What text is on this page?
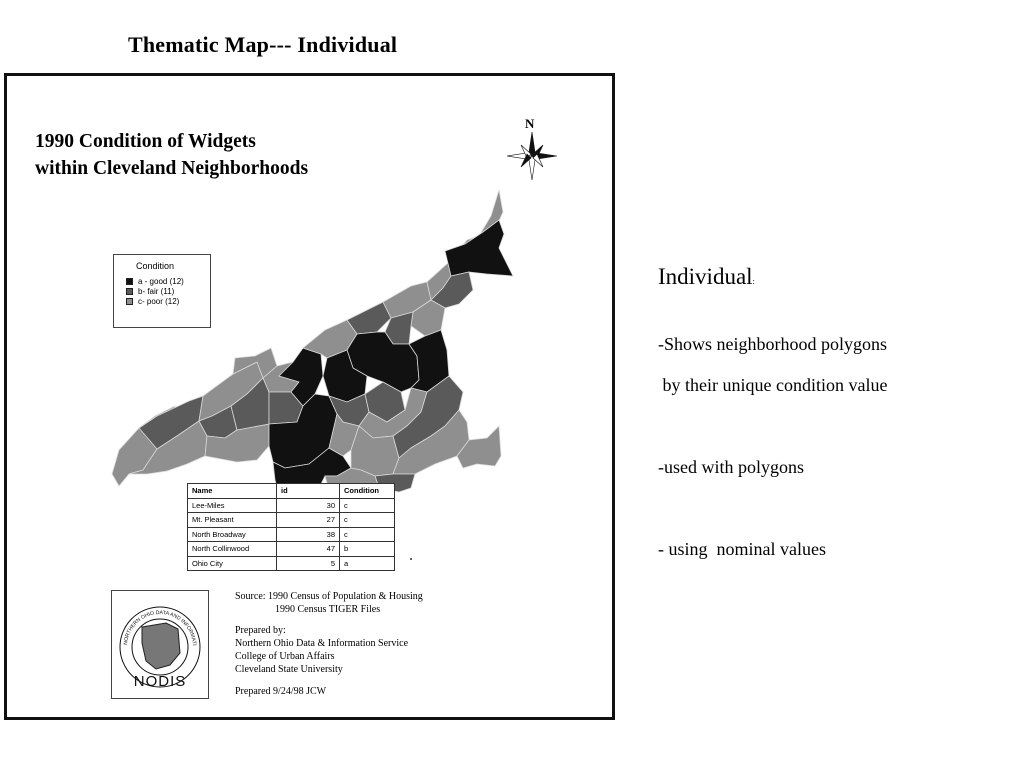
Thematic Map--- Individual
1990 Condition of Widgets
within Cleveland Neighborhoods
N
Condition
a - good (12)
b- fair (11)
c- poor (12)
Name	id	Condition
Lee-Miles	30	c
Mt. Pleasant	27	c
North Broadway	38	c
North Collinwood	47	b
Ohio City	5	a
NORTHERN OHIO DATA AND INFORMATI
NODIS
Source: 1990 Census of Population & Housing
1990 Census TIGER Files
Prepared by:
Northern Ohio Data & Information Service
College of Urban Affairs
Cleveland State University
Prepared 9/24/98 JCW
Individual:
-Shows neighborhood polygons
by their unique condition value
-used with polygons
- using  nominal values
